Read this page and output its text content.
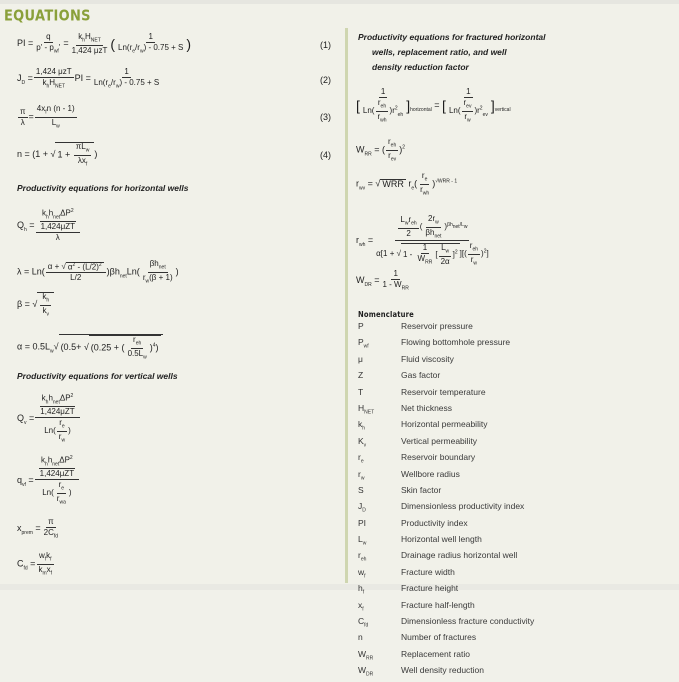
EQUATIONS
PI = $\frac{q}{p' - p_{wf}'} = \frac{k_hH_{NET}}{\text{1,424 μzT}}$ ( $\frac{1}{Ln(r_e/r_w) - 0.75 + S}$ )	(1)
$J_D = \frac{\text{1,424 μzT}}{k_hH_{NET}}$ PI = $\frac{1}{Ln(r_e/r_w) - 0.75 + S}$	(2)
$\frac{\pi}{\lambda} = \frac{4x_fn (n - 1)}{L_w}$	(3)
n = (1 + √ $1 + \frac{\pi L_w}{\lambda x_f}$ )	(4)
Productivity equations for horizontal wells
$Q_h = \frac{\frac{k_hh_{net}\Delta P^2}{\text{1,424μZT}}}{\lambda}$
$\lambda = Ln( \frac{\alpha + √ \alpha^2 - (L/2)^2}{L/2} )\beta h_{net}Ln( \frac{\beta h_{net}}{r_w(\beta + 1)}$ )
β = √ $\frac{k_h}{k_v}$
$\alpha = 0.5L_w√$ (0.5+ √ (0.25 + ( $\frac{r_{eh}}{0.5L_w} )^4$)
Productivity equations for vertical wells
$Q_v = \frac{\frac{k_hh_{net}\Delta P^2}{\text{1,424μZT}}}{Ln( \frac{r_e}{r_w} )}$
$q_{vf} = \frac{\frac{k_hh_{net}\Delta P^2}{\text{1,424μZT}}}{Ln( \frac{r_e}{r_{wa}} )}$
$x_{prem} = \frac{\pi}{2C_{fd}}$
$C_{fd} = \frac{w_fk_f}{k_mx_f}$
Productivity equations for fractured horizontal
wells, replacement ratio, and well
density reduction factor
[ $\frac{1}{Ln( \frac{r_{eh}}{r_{wh}} )r^2_{eh}} ]_{horizontal}$ = [ $\frac{1}{Ln( \frac{r_{ev}}{r_w} )r^2_{ev}} ]_{vertical}$
$W_{RR}$ = ( $\frac{r_{eh}}{r_{ev}} )^2$
$r_{wv}$ = √ WRR $r_e( \frac{r_e}{r_{wh}} )^{√WRR - 1}$
$r_{wh} = \frac{\frac{L_wr_{eh}}{2} ( \frac{2r_w}{\beta h_{net}} )^{\beta hnet/Lw}}{\alpha[1 + √ 1 - \frac{1}{W_{RR}} [ \frac{L_w}{2\alpha} ]^2 ][( \frac{r_{eh}}{r_w} )^2]}$
$W_{DR} = \frac{1}{1 - W_{RR}}$
Nomenclature
P	Reservoir pressure
$P_{wf}$	Flowing bottomhole pressure
μ	Fluid viscosity
Z	Gas factor
T	Reservoir temperature
$H_{NET}$	Net thickness
$k_h$	Horizontal permeability
$K_v$	Vertical permeability
$r_e$	Reservoir boundary
$r_w$	Wellbore radius
S	Skin factor
$J_D$	Dimensionless productivity index
PI	Productivity index
$L_w$	Horizontal well length
$r_{eh}$	Drainage radius horizontal well
$w_f$	Fracture width
$h_f$	Fracture height
$x_f$	Fracture half-length
$C_{fd}$	Dimensionless fracture conductivity
n	Number of fractures
$W_{RR}$	Replacement ratio
$W_{DR}$	Well density reduction
